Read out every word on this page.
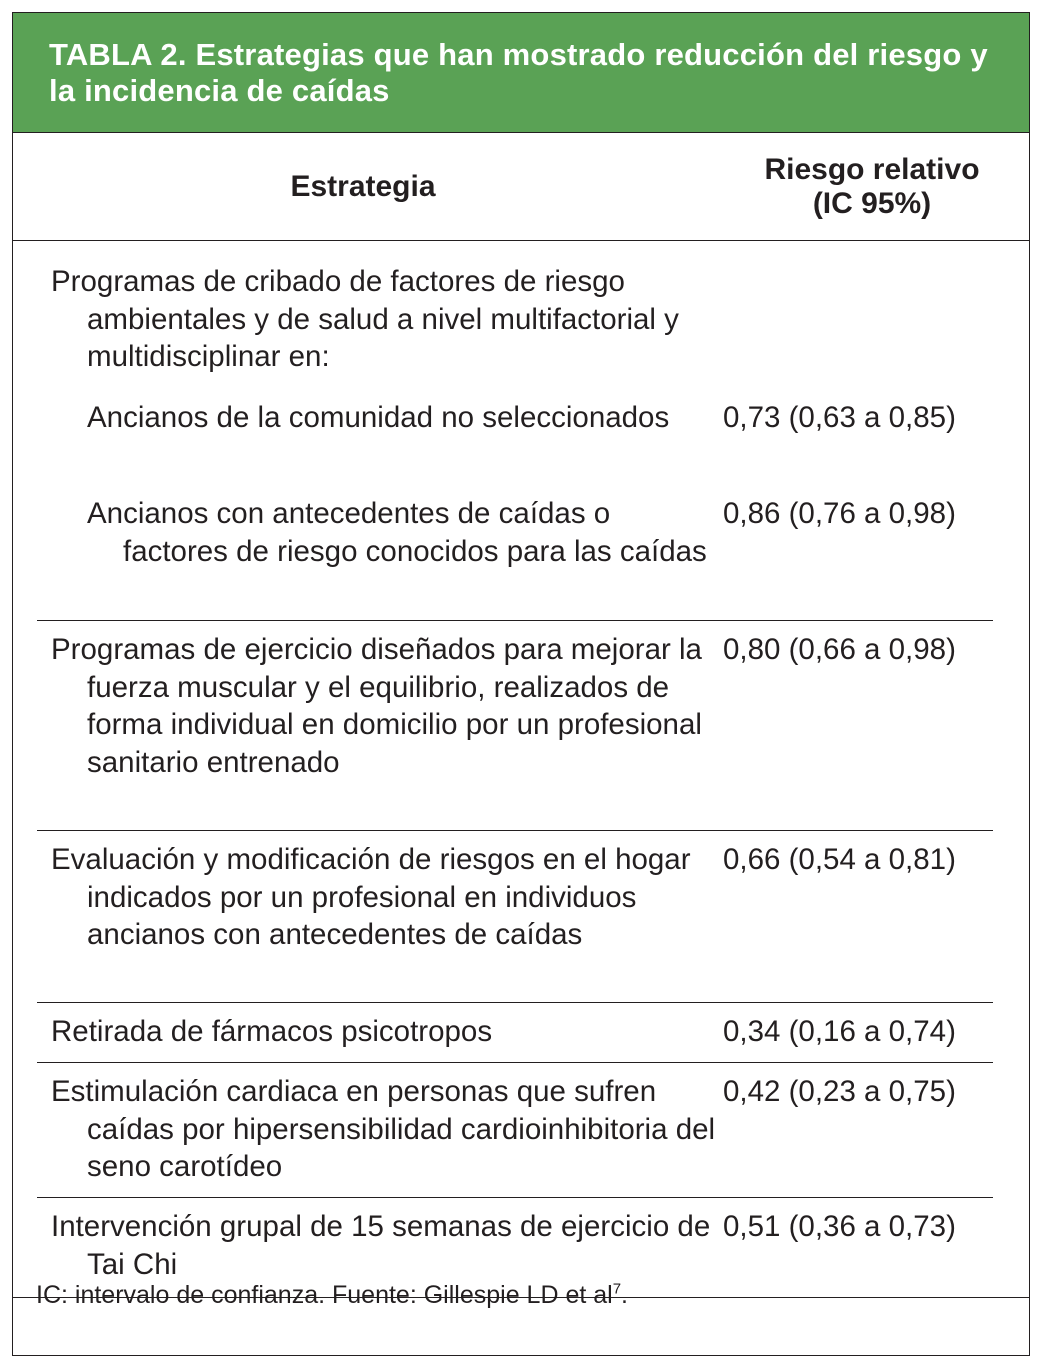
TABLA 2. Estrategias que han mostrado reducción del riesgo y la incidencia de caídas
Estrategia
Riesgo relativo
(IC 95%)
Programas de cribado de factores de riesgo ambientales y de salud a nivel multifactorial y multidisciplinar en:
Ancianos de la comunidad no seleccionados	0,73 (0,63 a 0,85)
Ancianos con antecedentes de caídas o factores de riesgo conocidos para las caídas
0,86 (0,76 a 0,98)
Programas de ejercicio diseñados para mejorar la fuerza muscular y el equilibrio, realizados de forma individual en domicilio por un profesional sanitario entrenado
0,80 (0,66 a 0,98)
Evaluación y modificación de riesgos en el hogar indicados por un profesional en individuos ancianos con antecedentes de caídas
0,66 (0,54 a 0,81)
Retirada de fármacos psicotropos	0,34 (0,16 a 0,74)
Estimulación cardiaca en personas que sufren caídas por hipersensibilidad cardioinhibitoria del seno carotídeo
0,42 (0,23 a 0,75)
Intervención grupal de 15 semanas de ejercicio de Tai Chi
0,51 (0,36 a 0,73)
IC: intervalo de confianza. Fuente: Gillespie LD et $al^7$.
